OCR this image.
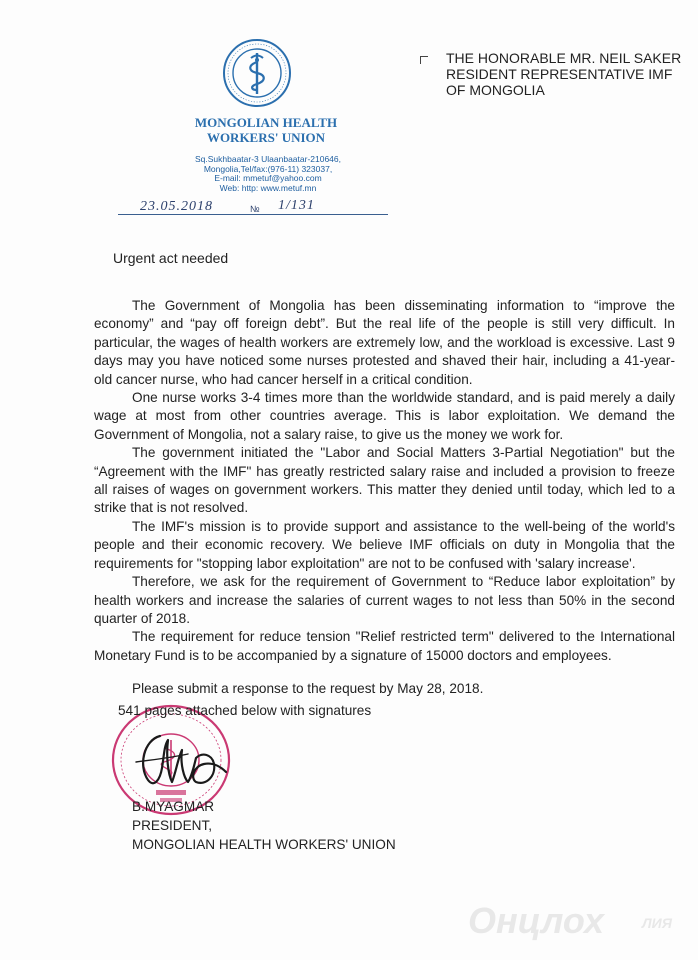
MONGOLIAN HEALTH
WORKERS' UNION
Sq.Sukhbaatar-3 Ulaanbaatar-210646,
Mongolia,Tel/fax:(976-11) 323037,
E-mail: mmetuf@yahoo.com
Web: http: www.metuf.mn
23.05.2018	№ 1/131
THE HONORABLE MR. NEIL SAKER
RESIDENT REPRESENTATIVE IMF
OF MONGOLIA
Urgent act needed

The Government of Mongolia has been disseminating information to “improve the economy” and “pay off foreign debt”. But the real life of the people is still very difficult. In particular, the wages of health workers are extremely low, and the workload is excessive. Last 9 days may you have noticed some nurses protested and shaved their hair, including a 41-year-old cancer nurse, who had cancer herself in a critical condition.

One nurse works 3-4 times more than the worldwide standard, and is paid merely a daily wage at most from other countries average. This is labor exploitation. We demand the Government of Mongolia, not a salary raise, to give us the money we work for.

The government initiated the "Labor and Social Matters 3-Partial Negotiation" but the “Agreement with the IMF" has greatly restricted salary raise and included a provision to freeze all raises of wages on government workers. This matter they denied until today, which led to a strike that is not resolved.

The IMF's mission is to provide support and assistance to the well-being of the world's people and their economic recovery. We believe IMF officials on duty in Mongolia that the requirements for "stopping labor exploitation" are not to be confused with 'salary increase'.

Therefore, we ask for the requirement of Government to “Reduce labor exploitation” by health workers and increase the salaries of current wages to not less than 50% in the second quarter of 2018.

The requirement for reduce tension "Relief restricted term" delivered to the International Monetary Fund is to be accompanied by a signature of 15000 doctors and employees.

Please submit a response to the request by May 28, 2018.
541 pages attached below with signatures
B.MYAGMAR
PRESIDENT,
MONGOLIAN HEALTH WORKERS' UNION
Онцлох	ЛИЯ
